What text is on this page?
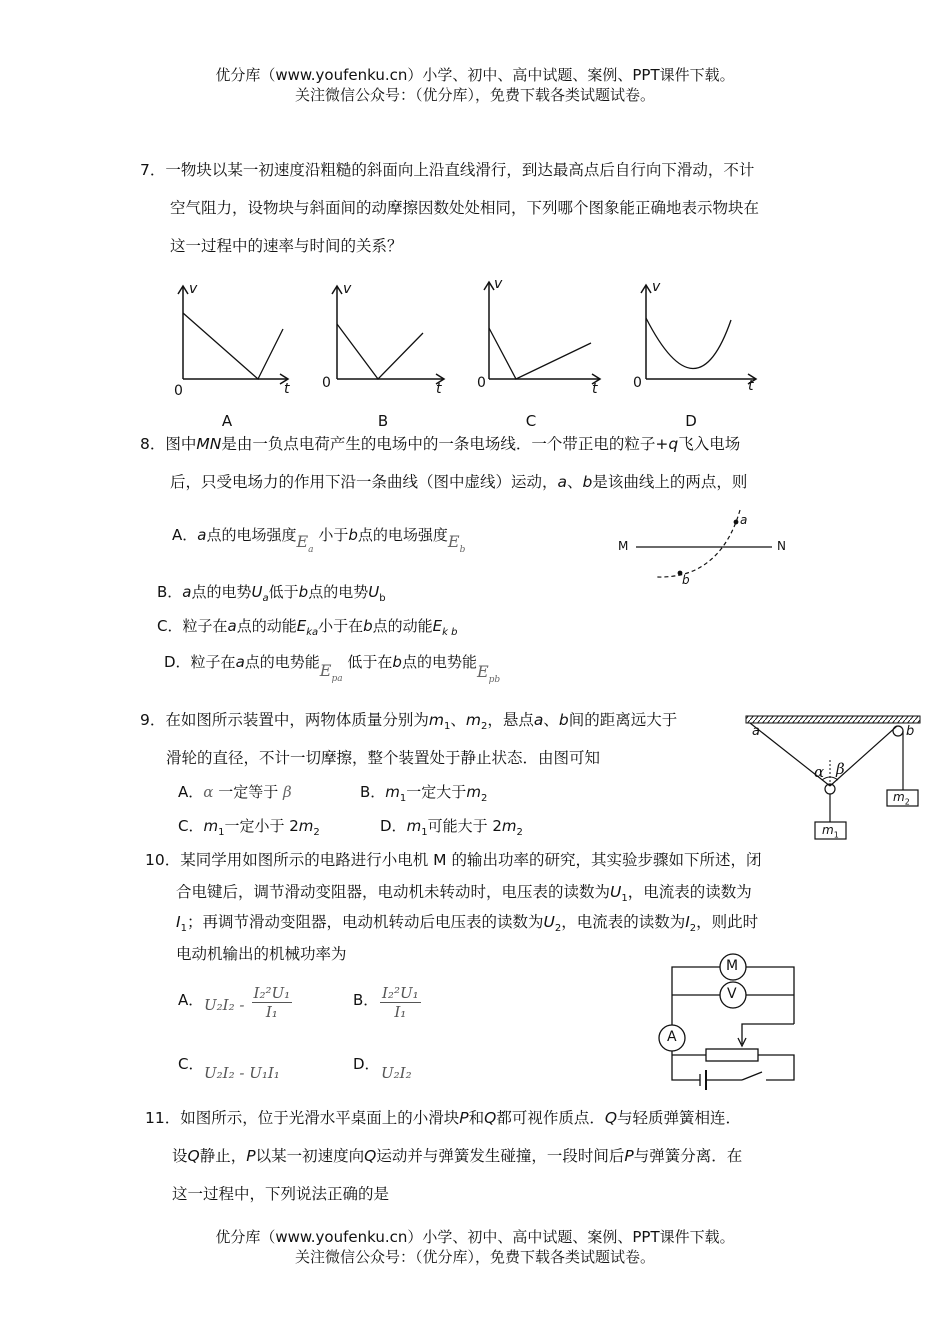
优分库（www.youfenku.cn）小学、初中、高中试题、案例、PPT课件下载。
关注微信公众号：（优分库），免费下载各类试题试卷。
7．一物块以某一初速度沿粗糙的斜面向上沿直线滑行，到达最高点后自行向下滑动，不计
空气阻力，设物块与斜面间的动摩擦因数处处相同，下列哪个图象能正确地表示物块在
这一过程中的速率与时间的关系？
v
t
0
A
v
t
0
B
v
t
0
C
v
t
0
D
8．图中MN是由一负点电荷产生的电场中的一条电场线．一个带正电的粒子+q飞入电场
后，只受电场力的作用下沿一条曲线（图中虚线）运动，a、b是该曲线上的两点，则
A．a点的电场强度$E_a$ 小于b点的电场强度$E_b$
B．a点的电势$U_a$低于b点的电势$U_b$
C．粒子在a点的动能$E_{ka}$小于在b点的动能$E_{k b}$
D．粒子在a点的电势能$E_{pa}$ 低于在b点的电势能$E_{pb}$
M	N
a
b
9．在如图所示装置中，两物体质量分别为$m_1$、$m_2$，悬点a、b间的距离远大于
滑轮的直径，不计一切摩擦，整个装置处于静止状态．由图可知
A．α 一定等于 β	B．$m_1$一定大于$m_2$
C．$m_1$一定小于 $2m_2$	D．$m_1$可能大于 $2m_2$
a	b
α β
$m_1$
$m_2$
10．某同学用如图所示的电路进行小电机 M 的输出功率的研究，其实验步骤如下所述，闭
合电键后，调节滑动变阻器，电动机未转动时，电压表的读数为$U_1$，电流表的读数为
$I_1$；再调节滑动变阻器，电动机转动后电压表的读数为$U_2$，电流表的读数为$I_2$，则此时
电动机输出的机械功率为
A． $U_2I_2 - \frac{\text{I₂²U₁}}{\text{I₁}}$	B． $\frac{\text{I₂²U₁}}{\text{I₁}}$
C． U₂I₂ - U₁I₁	D． U₂I₂
M
V
A
11．如图所示，位于光滑水平桌面上的小滑块P和Q都可视作质点．Q与轻质弹簧相连．
设Q静止，P以某一初速度向Q运动并与弹簧发生碰撞，一段时间后P与弹簧分离．在
这一过程中，下列说法正确的是
优分库（www.youfenku.cn）小学、初中、高中试题、案例、PPT课件下载。
关注微信公众号：（优分库），免费下载各类试题试卷。
